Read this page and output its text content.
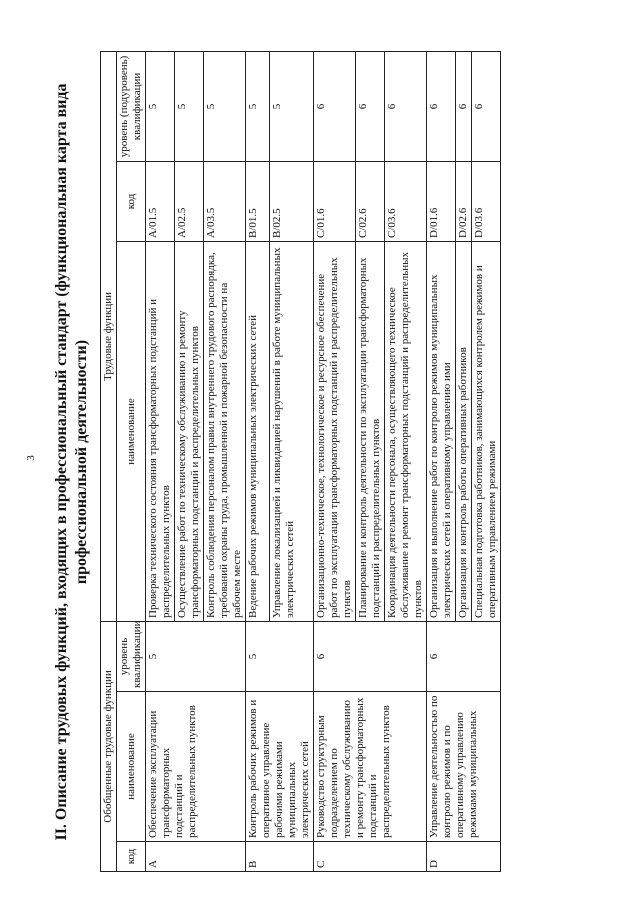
3 II. Описание трудовых функций, входящих в профессиональный стандарт (функциональная карта вида профессиональной деятельности)
Обобщенные трудовые функции			Трудовые функции		
код	наименование	уровень квалификации	наименование	код	уровень (подуровень) квалификации
A	Обеспечение эксплуатации трансформаторных подстанций и распределительных пунктов	5	Проверка технического состояния трансформаторных подстанций и распределительных пунктов	A/01.5	5
			Осуществление работ по техническому обслуживанию и ремонту трансформаторных подстанций и распределительных пунктов	A/02.5	5
			Контроль соблюдения персоналом правил внутреннего трудового распорядка, требований охраны труда, промышленной и пожарной безопасности на рабочем месте	A/03.5	5
B	Контроль рабочих режимов и оперативное управление рабочими режимами муниципальных электрических сетей	5	Ведение рабочих режимов муниципальных электрических сетей	B/01.5	5
			Управление локализацией и ликвидацией нарушений в работе муниципальных электрических сетей	B/02.5	5
C	Руководство структурным подразделением по техническому обслуживанию и ремонту трансформаторных подстанций и распределительных пунктов	6	Организационно-техническое, технологическое и ресурсное обеспечение работ по эксплуатации трансформаторных подстанций и распределительных пунктов	C/01.6	6
			Планирование и контроль деятельности по эксплуатации трансформаторных подстанций и распределительных пунктов	C/02.6	6
			Координация деятельности персонала, осуществляющего техническое обслуживание и ремонт трансформаторных подстанций и распределительных пунктов	C/03.6	6
D	Управление деятельностью по контролю режимов и по оперативному управлению режимами муниципальных	6	Организация и выполнение работ по контролю режимов муниципальных электрических сетей и оперативному управлению ими	D/01.6	6
			Организация и контроль работы оперативных работников	D/02.6	6
			Специальная подготовка работников, занимающихся контролем режимов и оперативным управлением режимами	D/03.6	6
